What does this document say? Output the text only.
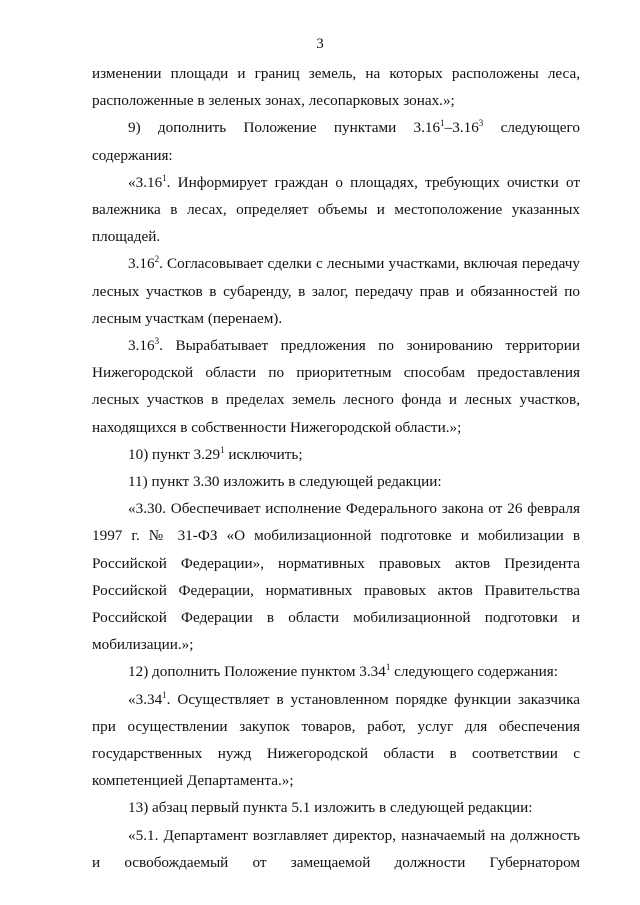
3
изменении площади и границ земель, на которых расположены леса,
расположенные в зеленых зонах, лесопарковых зонах.»;
9) дополнить Положение пунктами 3.16$^1$–3.16$^3$ следующего
содержания:
«3.16$^1$. Информирует граждан о площадях, требующих очистки от
валежника в лесах, определяет объемы и местоположение указанных
площадей.
3.16$^2$. Согласовывает сделки с лесными участками, включая передачу
лесных участков в субаренду, в залог, передачу прав и обязанностей по
лесным участкам (перенаем).
3.16$^3$. Вырабатывает предложения по зонированию территории
Нижегородской области по приоритетным способам предоставления
лесных участков в пределах земель лесного фонда и лесных участков,
находящихся в собственности Нижегородской области.»;
10) пункт 3.29$^1$ исключить;
11) пункт 3.30 изложить в следующей редакции:
«3.30. Обеспечивает исполнение Федерального закона от 26 февраля
1997 г. № 31-ФЗ «О мобилизационной подготовке и мобилизации в
Российской Федерации», нормативных правовых актов Президента
Российской Федерации, нормативных правовых актов Правительства
Российской Федерации в области мобилизационной подготовки и
мобилизации.»;
12) дополнить Положение пунктом 3.34$^1$ следующего содержания:
«3.34$^1$. Осуществляет в установленном порядке функции заказчика
при осуществлении закупок товаров, работ, услуг для обеспечения
государственных нужд Нижегородской области в соответствии с
компетенцией Департамента.»;
13) абзац первый пункта 5.1 изложить в следующей редакции:
«5.1. Департамент возглавляет директор, назначаемый на должность
и освобождаемый от замещаемой должности Губернатором
